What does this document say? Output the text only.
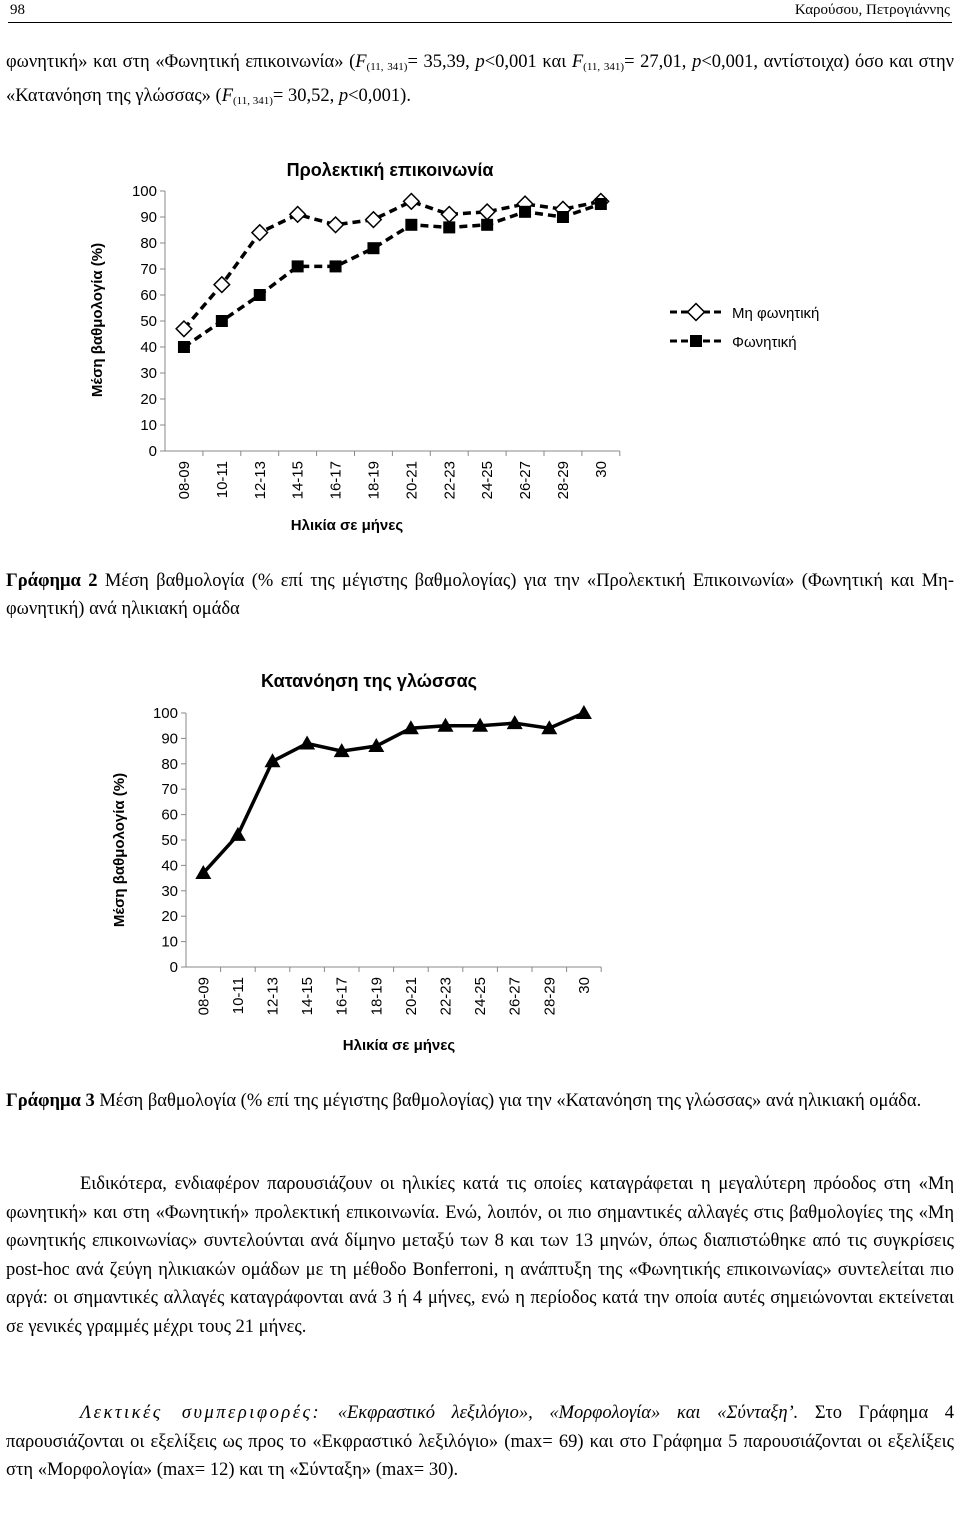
98	Καρούσου, Πετρογιάννης
φωνητική» και στη «Φωνητική επικοινωνία» ($F_{(11, 341)}= 35,39$, p<0,001 και $F_{(11, 341)}= 27,01$, p<0,001, αντίστοιχα) όσο και στην «Κατανόηση της γλώσσας» ($F_{(11, 341)}= 30,52$, p<0,001).
Προλεκτική επικοινωνία
Μέση βαθμολογία (%)
Ηλικία σε μήνες
0
10
20
30
40
50
60
70
80
90
100
08-09 10-11 12-13 14-15 16-17 18-19 20-21 22-23 24-25 26-27 28-29 30
Μη φωνητική
Φωνητική
Γράφημα 2 Μέση βαθμολογία (% επί της μέγιστης βαθμολογίας) για την «Προλεκτική Επικοινωνία» (Φωνητική και Μη-φωνητική) ανά ηλικιακή ομάδα
Κατανόηση της γλώσσας
Μέση βαθμολογία (%)
Ηλικία σε μήνες
0
10
20
30
40
50
60
70
80
90
100
08-09 10-11 12-13 14-15 16-17 18-19 20-21 22-23 24-25 26-27 28-29 30
Γράφημα 3 Μέση βαθμολογία (% επί της μέγιστης βαθμολογίας) για την «Κατανόηση της γλώσσας» ανά ηλικιακή ομάδα.
Ειδικότερα, ενδιαφέρον παρουσιάζουν οι ηλικίες κατά τις οποίες καταγράφεται η μεγαλύτερη πρόοδος στη «Μη φωνητική» και στη «Φωνητική» προλεκτική επικοινωνία. Ενώ, λοιπόν, οι πιο σημαντικές αλλαγές στις βαθμολογίες της «Μη φωνητικής επικοινωνίας» συντελούνται ανά δίμηνο μεταξύ των 8 και των 13 μηνών, όπως διαπιστώθηκε από τις συγκρίσεις post-hoc ανά ζεύγη ηλικιακών ομάδων με τη μέθοδο Bonferroni, η ανάπτυξη της «Φωνητικής επικοινωνίας» συντελείται πιο αργά: οι σημαντικές αλλαγές καταγράφονται ανά 3 ή 4 μήνες, ενώ η περίοδος κατά την οποία αυτές σημειώνονται εκτείνεται σε γενικές γραμμές μέχρι τους 21 μήνες.
Λεκτικές συμπεριφορές: «Εκφραστικό λεξιλόγιο», «Μορφολογία» και «Σύνταξη’. Στο Γράφημα 4 παρουσιάζονται οι εξελίξεις ως προς το «Εκφραστικό λεξιλόγιο» (max= 69) και στο Γράφημα 5 παρουσιάζονται οι εξελίξεις στη «Μορφολογία» (max= 12) και τη «Σύνταξη» (max= 30).
